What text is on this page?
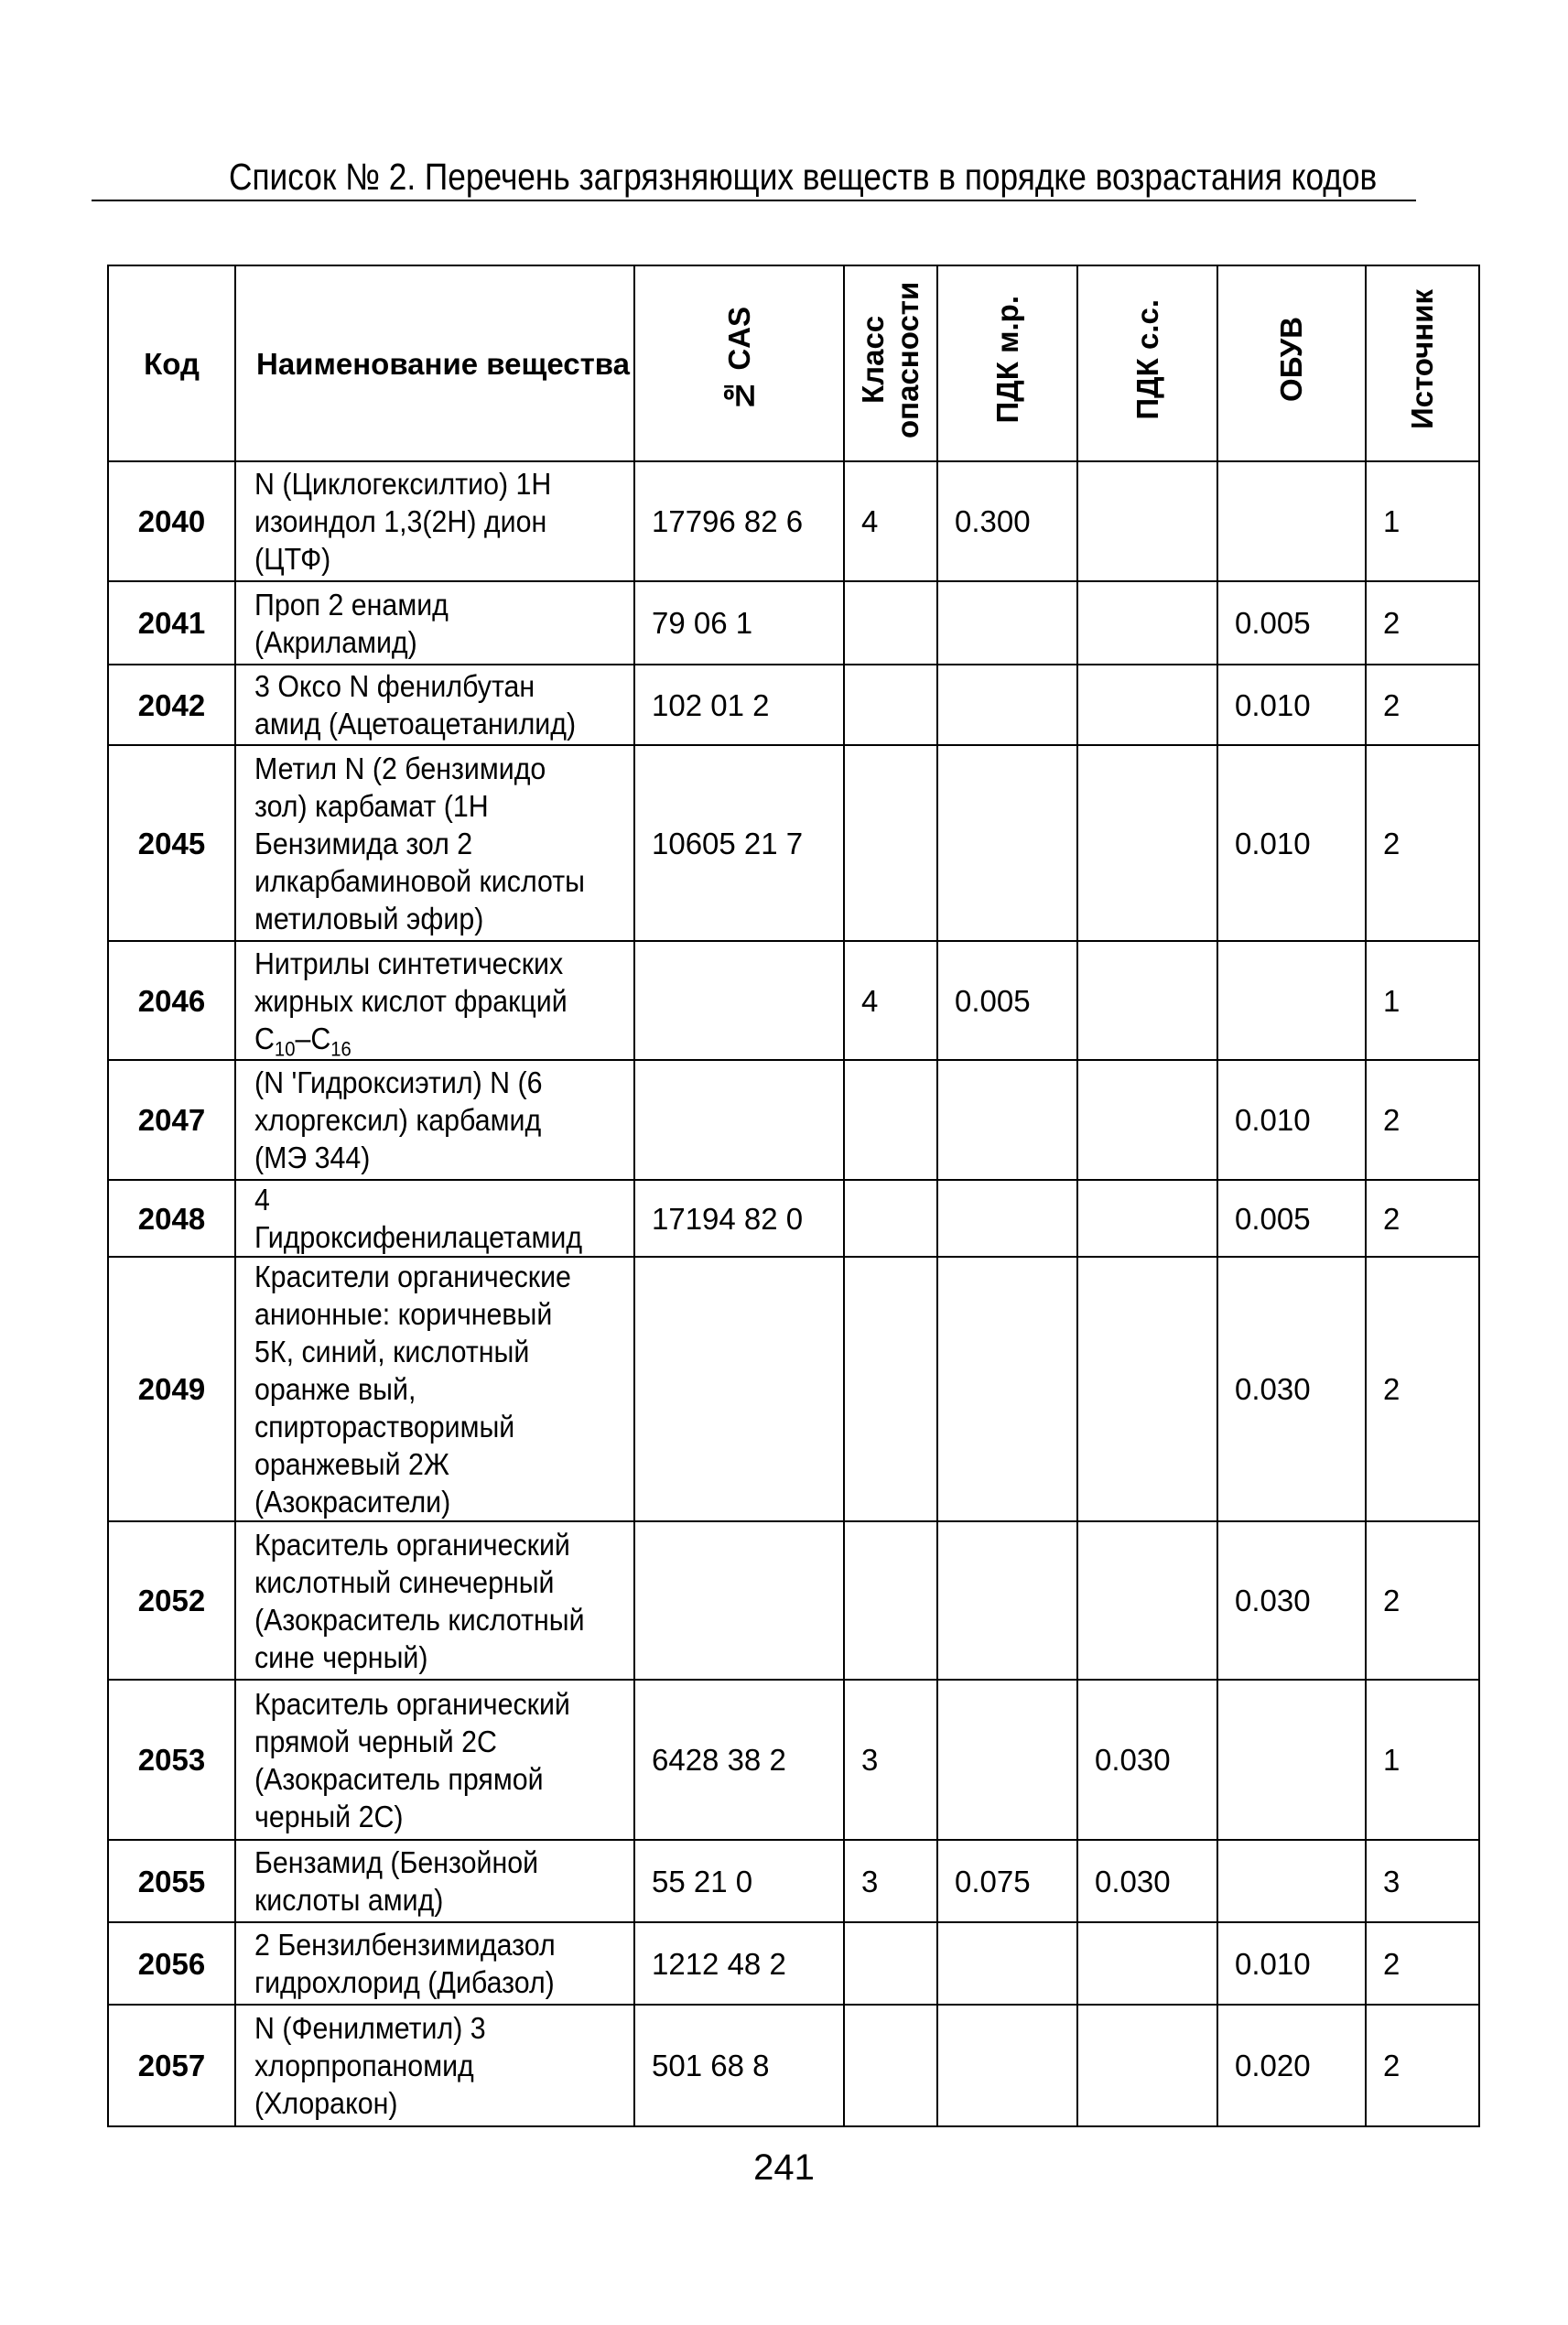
Список № 2. Перечень загрязняющих веществ в порядке возрастания кодов
Код	Наименование вещества	№ CAS	Класс опасности	ПДК м.р.	ПДК с.с.	ОБУВ	Источник
2040	N (Циклогексилтио) 1H изоиндол 1,3(2H) дион (ЦТФ)	17796 82 6	4	0.300			1
2041	Проп 2 енамид (Акриламид)	79 06 1				0.005	2
2042	3 Оксо N фенилбутан амид (Ацетоацетанилид)	102 01 2				0.010	2
2045	Метил N (2 бензимидо зол) карбамат (1H Бензимида зол 2 илкарбаминовой кислоты метиловый эфир)	10605 21 7				0.010	2
2046	Нитрилы синтетических жирных кислот фракций $С_{10}-С_{16}$		4	0.005			1
2047	(N 'Гидроксиэтил) N (6 хлоргексил) карбамид (МЭ 344)					0.010	2
2048	4 Гидроксифенилацетамид	17194 82 0				0.005	2
2049	Красители органические анионные: коричневый 5К, синий, кислотный оранже вый, спирторастворимый оранжевый 2Ж (Азокрасители)					0.030	2
2052	Краситель органический кислотный синечерный (Азокраситель кислотный сине черный)					0.030	2
2053	Краситель органический прямой черный 2С (Азокраситель прямой черный 2С)	6428 38 2	3		0.030		1
2055	Бензамид (Бензойной кислоты амид)	55 21 0	3	0.075	0.030		3
2056	2 Бензилбензимидазол гидрохлорид (Дибазол)	1212 48 2				0.010	2
2057	N (Фенилметил) 3 хлорпропаномид (Хлоракон)	501 68 8				0.020	2
241
